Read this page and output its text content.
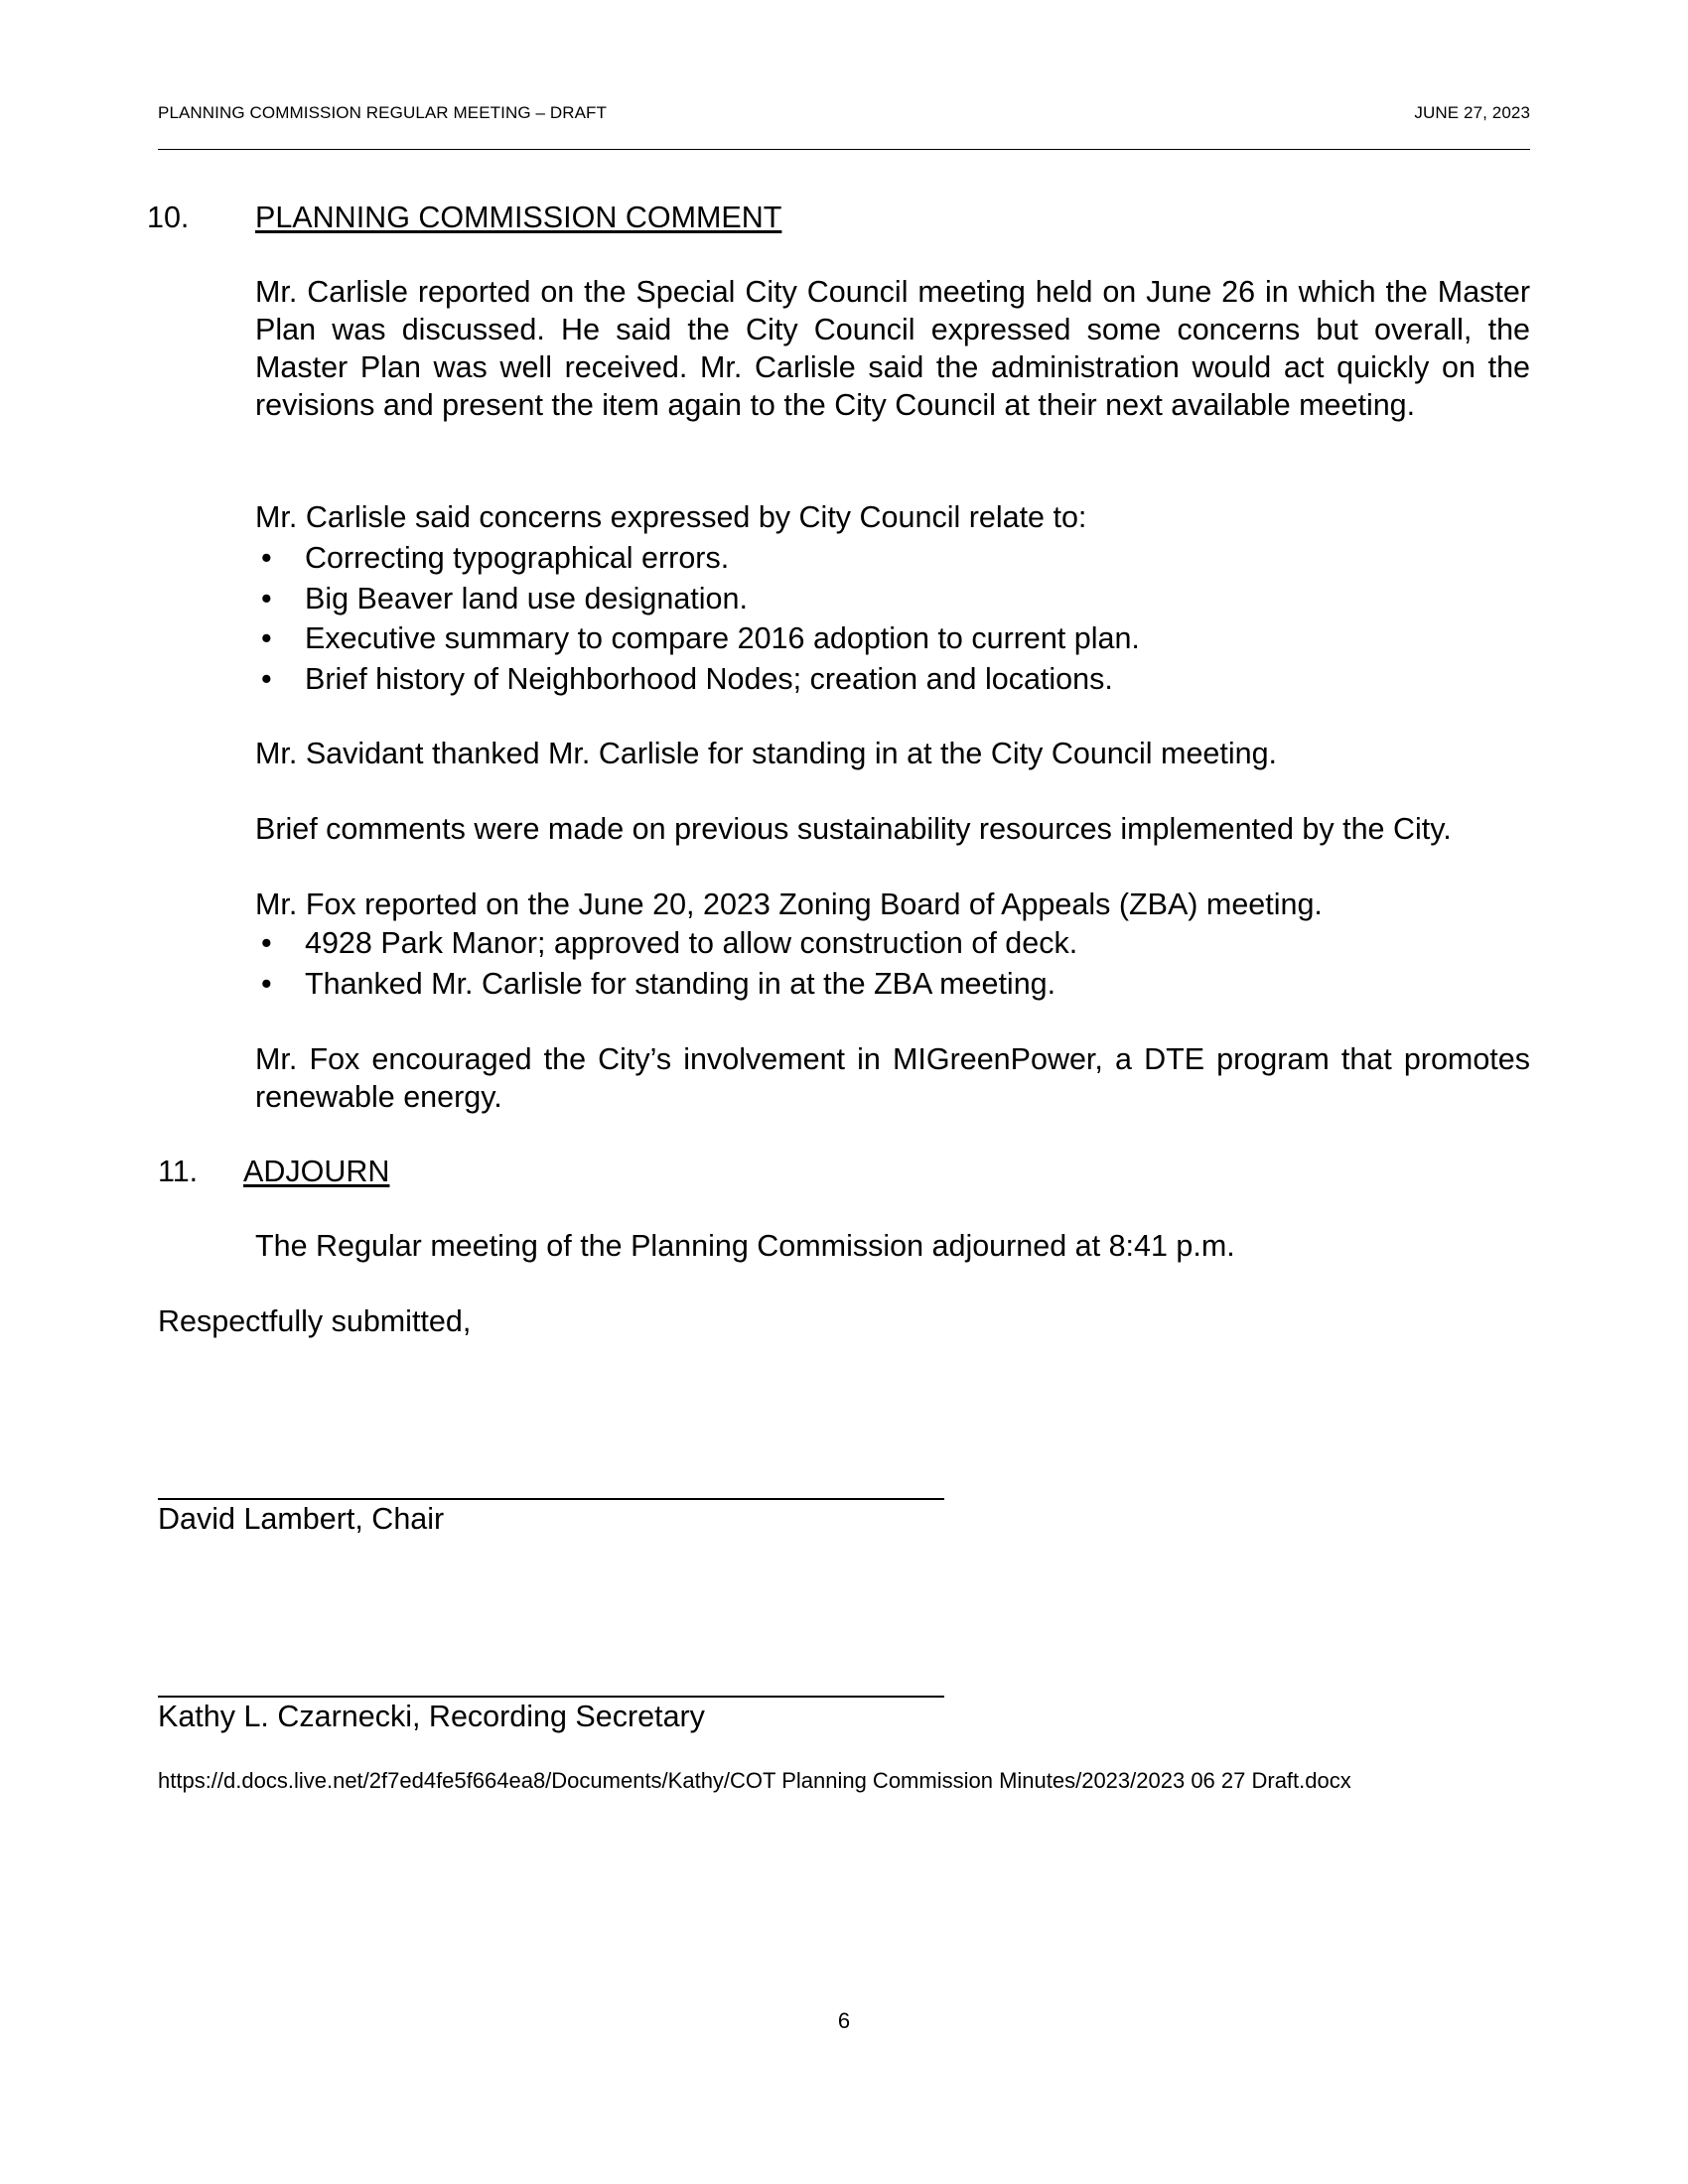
PLANNING COMMISSION REGULAR MEETING – DRAFT	JUNE 27, 2023
10. PLANNING COMMISSION COMMENT
Mr. Carlisle reported on the Special City Council meeting held on June 26 in which the Master Plan was discussed. He said the City Council expressed some concerns but overall, the Master Plan was well received. Mr. Carlisle said the administration would act quickly on the revisions and present the item again to the City Council at their next available meeting.
Mr. Carlisle said concerns expressed by City Council relate to:
• Correcting typographical errors.
• Big Beaver land use designation.
• Executive summary to compare 2016 adoption to current plan.
• Brief history of Neighborhood Nodes; creation and locations.
Mr. Savidant thanked Mr. Carlisle for standing in at the City Council meeting.
Brief comments were made on previous sustainability resources implemented by the City.
Mr. Fox reported on the June 20, 2023 Zoning Board of Appeals (ZBA) meeting.
• 4928 Park Manor; approved to allow construction of deck.
• Thanked Mr. Carlisle for standing in at the ZBA meeting.
Mr. Fox encouraged the City’s involvement in MIGreenPower, a DTE program that promotes renewable energy.
11. ADJOURN
The Regular meeting of the Planning Commission adjourned at 8:41 p.m.
Respectfully submitted,
David Lambert, Chair
Kathy L. Czarnecki, Recording Secretary
https://d.docs.live.net/2f7ed4fe5f664ea8/Documents/Kathy/COT Planning Commission Minutes/2023/2023 06 27 Draft.docx
6
